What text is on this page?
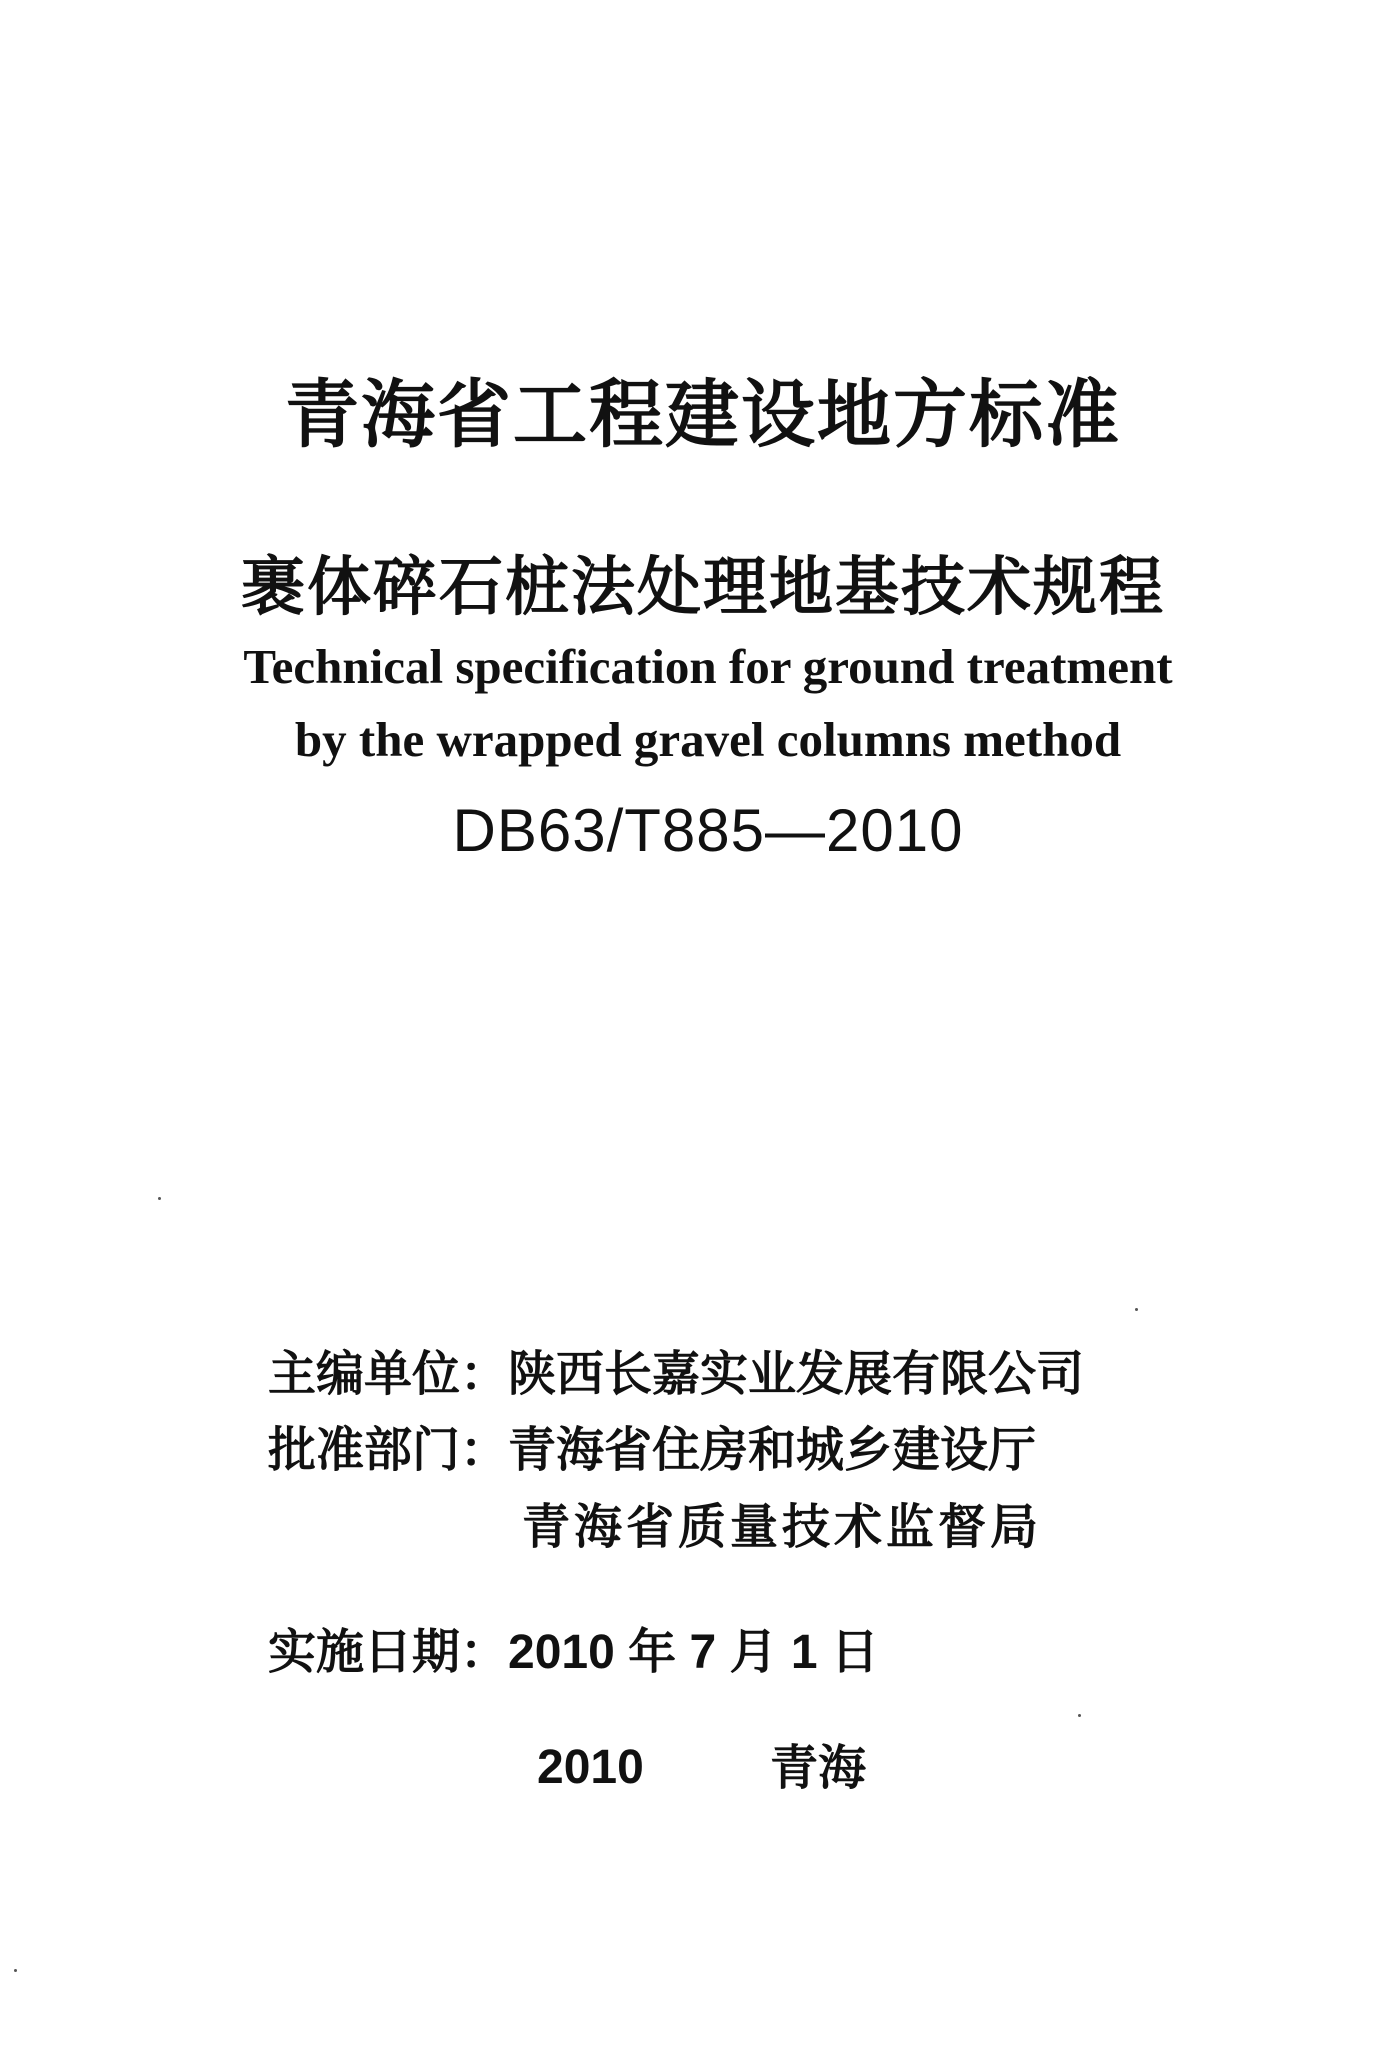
青海省工程建设地方标准
裹体碎石桩法处理地基技术规程
Technical specification for ground treatment
by the wrapped gravel columns method
DB63/T885—2010
主编单位：陕西长嘉实业发展有限公司
批准部门：青海省住房和城乡建设厅
青海省质量技术监督局
实施日期：2010 年 7 月 1 日
2010	青海
